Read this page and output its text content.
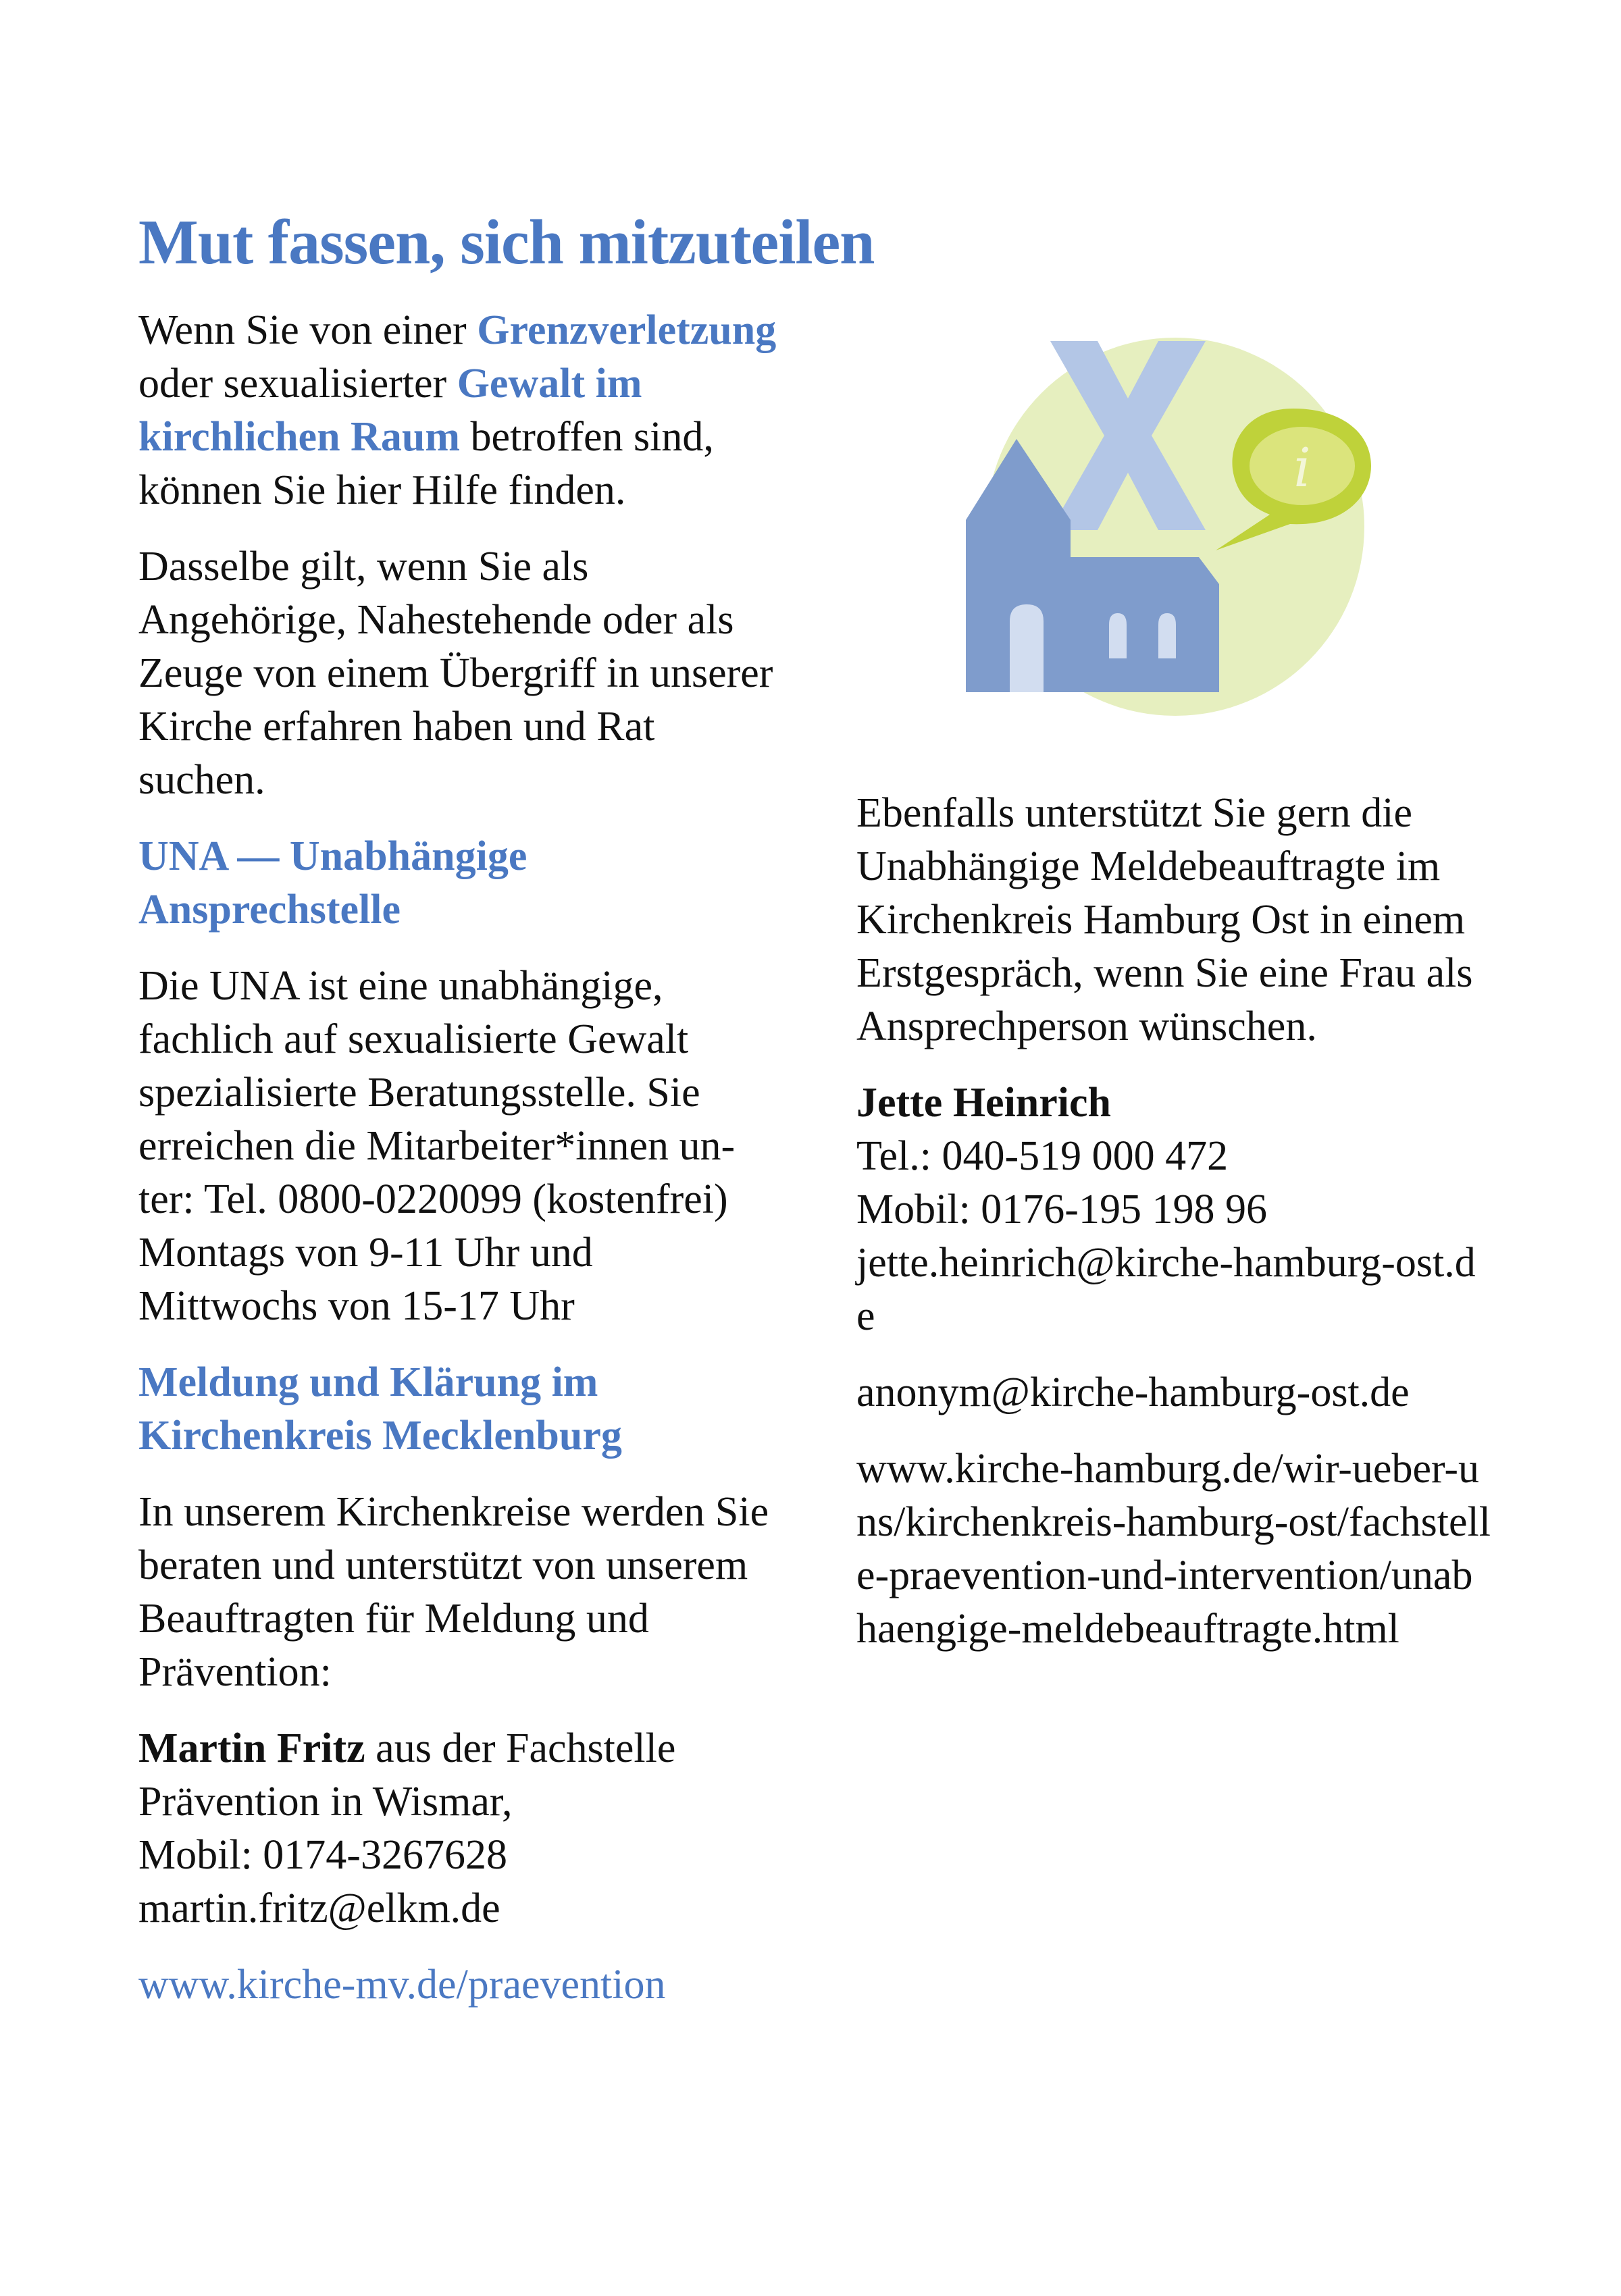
Mut fassen, sich mitzuteilen

Wenn Sie von einer Grenzverletzung oder sexualisierter Gewalt im kirchlichen Raum betroffen sind, können Sie hier Hilfe finden.

Dasselbe gilt, wenn Sie als Angehörige, Nahestehende oder als Zeuge von einem Übergriff in unserer Kirche erfahren haben und Rat suchen.

UNA — Unabhängige Ansprechstelle

Die UNA ist eine unabhängige, fachlich auf sexualisierte Gewalt spezialisierte Beratungsstelle. Sie erreichen die Mitarbeiter*innen un-ter: Tel. 0800-0220099 (kostenfrei)
Montags von 9-11 Uhr und
Mittwochs von 15-17 Uhr

Meldung und Klärung im Kirchenkreis Mecklenburg

In unserem Kirchenkreise werden Sie beraten und unterstützt von unserem Beauftragten für Meldung und Prävention:

Martin Fritz aus der Fachstelle Prävention in Wismar,
Mobil: 0174-3267628
martin.fritz@elkm.de

www.kirche-mv.de/praevention

i

Ebenfalls unterstützt Sie gern die Unabhängige Meldebeauftragte im Kirchenkreis Hamburg Ost in einem Erstgespräch, wenn Sie eine Frau als Ansprechperson wünschen.

Jette Heinrich
Tel.: 040-519 000 472
Mobil: 0176-195 198 96
jette.heinrich@kirche-hamburg-ost.de

anonym@kirche-hamburg-ost.de

www.kirche-hamburg.de/wir-ueber-uns/kirchenkreis-hamburg-ost/fachstelle-praevention-und-intervention/unabhaengige-meldebeauftragte.html
